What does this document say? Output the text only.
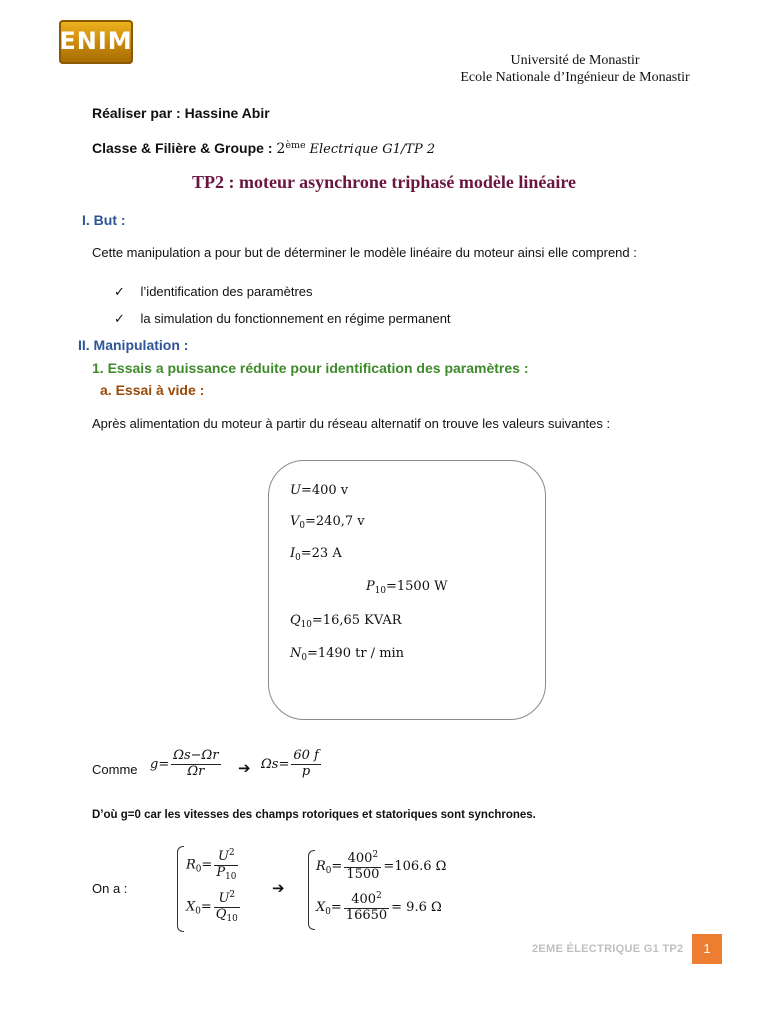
ENIM
Université de Monastir
Ecole Nationale d’Ingénieur de Monastir
Réaliser par : Hassine Abir
Classe & Filière & Groupe : 2ème Electrique G1/TP 2
TP2 : moteur asynchrone triphasé modèle linéaire
I. But :
Cette manipulation a pour but de déterminer le modèle linéaire du moteur ainsi elle comprend :
✓ l’identification des paramètres
✓ la simulation du fonctionnement en régime permanent
II. Manipulation :
1. Essais a puissance réduite pour identification des paramètres :
a. Essai à vide :
Après alimentation du moteur à partir du réseau alternatif on trouve les valeurs suivantes :
U=400 v
$V_0=240,7$ v
$I_0=23$ A
$P_{10}=1500$ W
$Q_{10}=16,65$ KVAR
$N_0=1490$ tr / min
Comme $g= \frac{\Omega s-\Omega r}{\Omega r}$ ➔ $\Omega s= \frac{60 f}{p}$
D’où g=0 car les vitesses des champs rotoriques et statoriques sont synchrones.
On a :
$R_0= \frac{U^2}{P_{10}}$
$X_0= \frac{U^2}{Q_{10}}$
➔
$R_0= \frac{400^2}{1500} =106.6$ Ω
$X_0= \frac{400^2}{16650} = 9.6$ Ω
2EME ÉLECTRIQUE G1 TP2	1
